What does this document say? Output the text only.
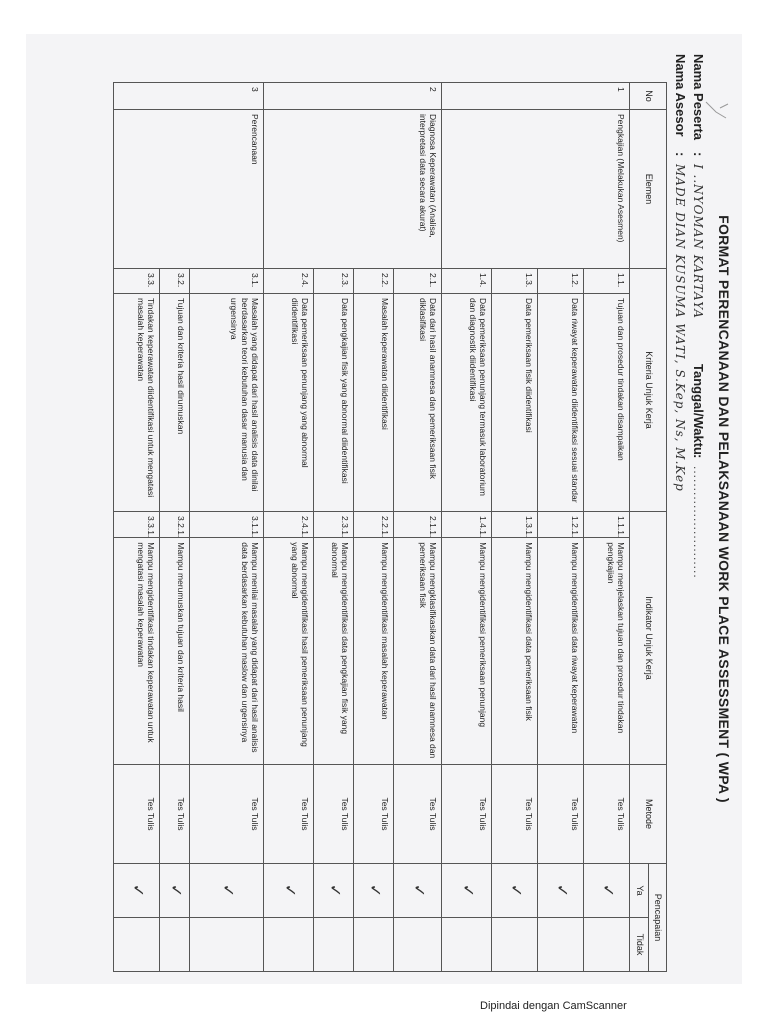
FORMAT PERENCANAAN DAN PELAKSANAAN WORK PLACE ASSESSMENT ( WPA )
Nama Peserta
:
I ..NYOMAN KARTAYA
Tanggal/Waktu
:
..........................
Nama Asesor
:
MADE DIAN KUSUMA WATI, S.Kep, Ns, M.Kep
No	Elemen	Kriteria Unjuk Kerja		Indikator Unjuk Kerja		Metode	Pencapaian	
							Ya	Tidak
1	Pengkajian (Melakukan Asesmen)	1.1.	Tujuan dan prosedur tindakan disampaikan	1.1.1.	Mampu menjelaskan tujuan dan prosedur tindakan pengkajian	Tes Tulis	✓	
		1.2.	Data riwayat keperawatan diidentifikasi sesuai standar	1.2.1.	Mampu mengidentifikasi data riwayat keperawatan	Tes Tulis	✓	
		1.3.	Data pemeriksaan fisik diidentifikasi	1.3.1.	Mampu mengidentifikasi data pemeriksaan fisik	Tes Tulis	✓	
		1.4.	Data pemeriksaan penunjang termasuk laboratorium dan diagnostik diidentifikasi	1.4.1.	Mampu mengidentifikasi pemeriksaan penunjang	Tes Tulis	✓	
2	Diagnosa Keperawatan (Analisa, interpretasi data secara akurat)	2.1.	Data dari hasil anamnesa dan pemeriksaan fisik diklasifikasi	2.1.1.	Mampu mengklasifikasikan data dari hasil anamnesa dan pemeriksaan fisik	Tes Tulis	✓	
		2.2.	Masalah keperawatan diidentifikasi	2.2.1.	Mampu mengidentifikasi masalah keperawatan	Tes Tulis	✓	
		2.3.	Data pengkajian fisik yang abnormal diidentifikasi	2.3.1.	Mampu mengidentifikasi data pengkajian fisik yang abnormal	Tes Tulis	✓	
		2.4.	Data pemeriksaan penunjang yang abnormal diidentifikasi	2.4.1.	Mampu mengidentifikasi hasil pemeriksaan penunjang yang abnormal	Tes Tulis	✓	
3	Perencanaan	3.1.	Masalah yang didapat dari hasil analisis data dinilai berdasarkan teori kebutuhan dasar manusia dan urgensinya	3.1.1.	Mampu menilai masalah yang didapat dari hasil analisis data berdasarkan kebutuhan maslow dan urgensinya	Tes Tulis	✓	
		3.2.	Tujuan dan kriteria hasil dirumuskan	3.2.1.	Mampu merumuskan tujuan dan kriteria hasil	Tes Tulis	✓	
		3.3.	Tindakan keperawatan diidentifikasi untuk mengatasi masalah keperawatan	3.3.1.	Mampu mengidentifikasi tindakan keperawatan untuk mengatasi masalah keperawatan	Tes Tulis	✓	
Dipindai dengan CamScanner
